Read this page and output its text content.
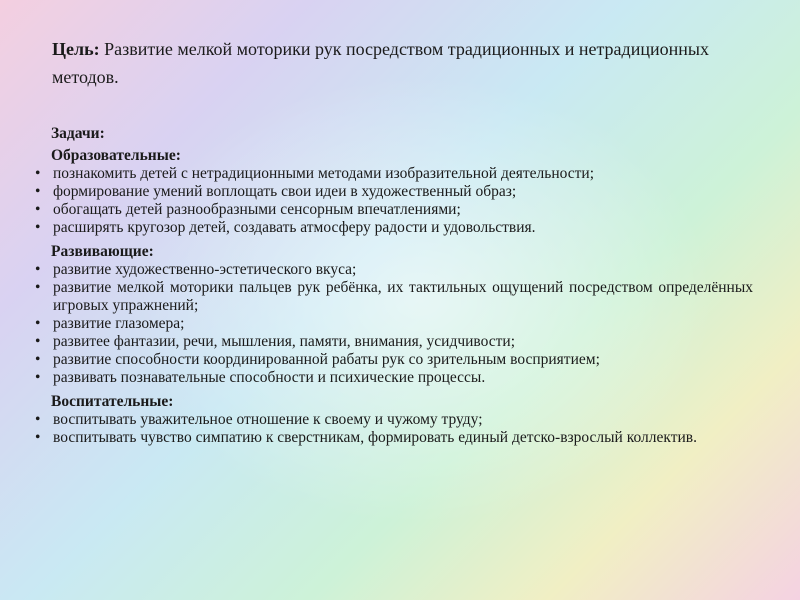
Цель: Развитие мелкой моторики рук посредством традиционных и нетрадиционных методов.
Задачи:
Образовательные:
• познакомить детей с нетрадиционными методами изобразительной деятельности;
• формирование умений воплощать свои идеи в художественный образ;
• обогащать детей разнообразными сенсорным впечатлениями;
• расширять кругозор детей, создавать атмосферу радости и удовольствия.
Развивающие:
• развитие художественно-эстетического вкуса;
• развитие мелкой моторики пальцев рук ребёнка, их тактильных ощущений посредством определённых игровых упражнений;
• развитие глазомера;
• развитее фантазии, речи, мышления, памяти, внимания, усидчивости;
• развитие способности координированной рабаты рук со зрительным восприятием;
• развивать познавательные способности и психические процессы.
Воспитательные:
• воспитывать уважительное отношение к своему и чужому труду;
• воспитывать чувство симпатию к сверстникам, формировать единый детско-взрослый коллектив.
